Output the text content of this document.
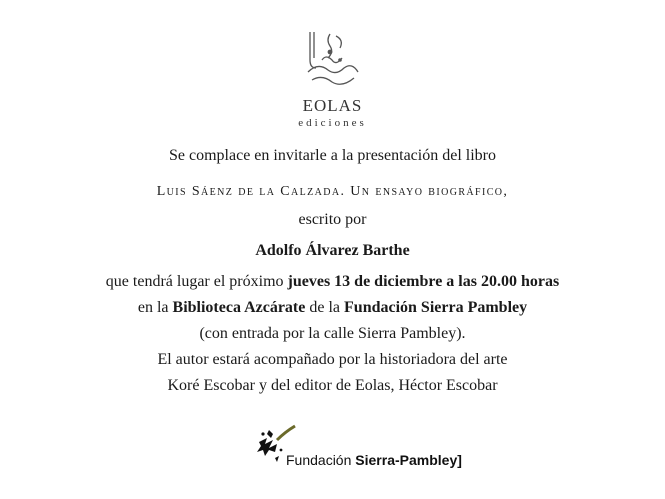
EOLAS
ediciones
Se complace en invitarle a la presentación del libro
Luis Sáenz de la Calzada. Un ensayo biográfico,
escrito por
Adolfo Álvarez Barthe
que tendrá lugar el próximo jueves 13 de diciembre a las 20.00 horas
en la Biblioteca Azcárate de la Fundación Sierra Pambley
(con entrada por la calle Sierra Pambley).
El autor estará acompañado por la historiadora del arte
Koré Escobar y del editor de Eolas, Héctor Escobar
Fundación Sierra-Pambley]
